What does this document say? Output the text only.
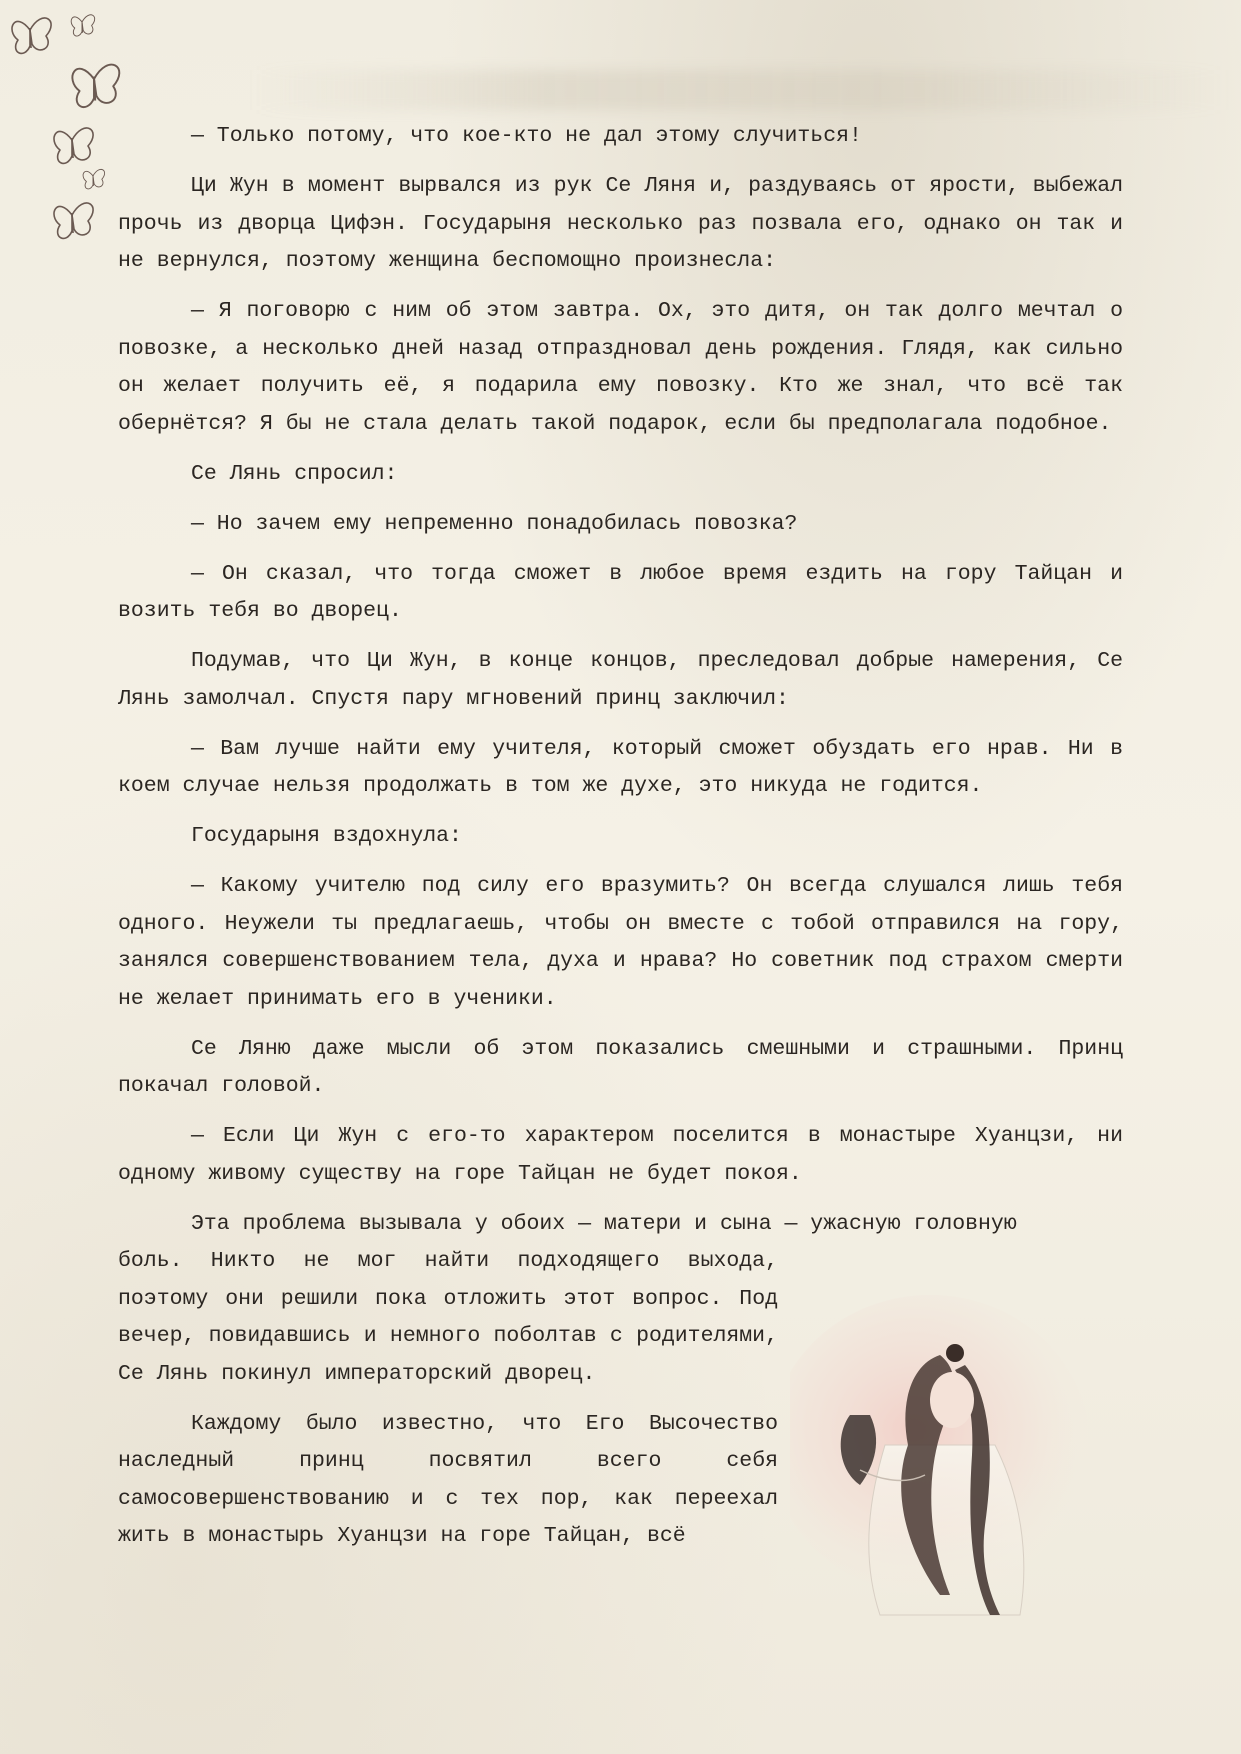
— Только потому, что кое-кто не дал этому случиться!

Ци Жун в момент вырвался из рук Се Ляня и, раздуваясь от ярости, выбежал прочь из дворца Цифэн. Государыня несколько раз позвала его, однако он так и не вернулся, поэтому женщина беспомощно произнесла:

— Я поговорю с ним об этом завтра. Ох, это дитя, он так долго мечтал о повозке, а несколько дней назад отпраздновал день рождения. Глядя, как сильно он желает получить её, я подарила ему повозку. Кто же знал, что всё так обернётся? Я бы не стала делать такой подарок, если бы предполагала подобное.

Се Лянь спросил:

— Но зачем ему непременно понадобилась повозка?

— Он сказал, что тогда сможет в любое время ездить на гору Тайцан и возить тебя во дворец.

Подумав, что Ци Жун, в конце концов, преследовал добрые намерения, Се Лянь замолчал. Спустя пару мгновений принц заключил:

— Вам лучше найти ему учителя, который сможет обуздать его нрав. Ни в коем случае нельзя продолжать в том же духе, это никуда не годится.

Государыня вздохнула:

— Какому учителю под силу его вразумить? Он всегда слушался лишь тебя одного. Неужели ты предлагаешь, чтобы он вместе с тобой отправился на гору, занялся совершенствованием тела, духа и нрава? Но советник под страхом смерти не желает принимать его в ученики.

Се Ляню даже мысли об этом показались смешными и страшными. Принц покачал головой.

— Если Ци Жун с его-то характером поселится в монастыре Хуанцзи, ни одному живому существу на горе Тайцан не будет покоя.

Эта проблема вызывала у обоих — матери и сына — ужасную головную
боль. Никто не мог найти подходящего выхода, поэтому они решили пока отложить этот вопрос. Под вечер, повидавшись и немного поболтав с родителями, Се Лянь покинул императорский дворец.

Каждому было известно, что Его Высочество наследный принц посвятил всего себя самосовершенствованию и с тех пор, как переехал жить в монастырь Хуанцзи на горе Тайцан, всё
